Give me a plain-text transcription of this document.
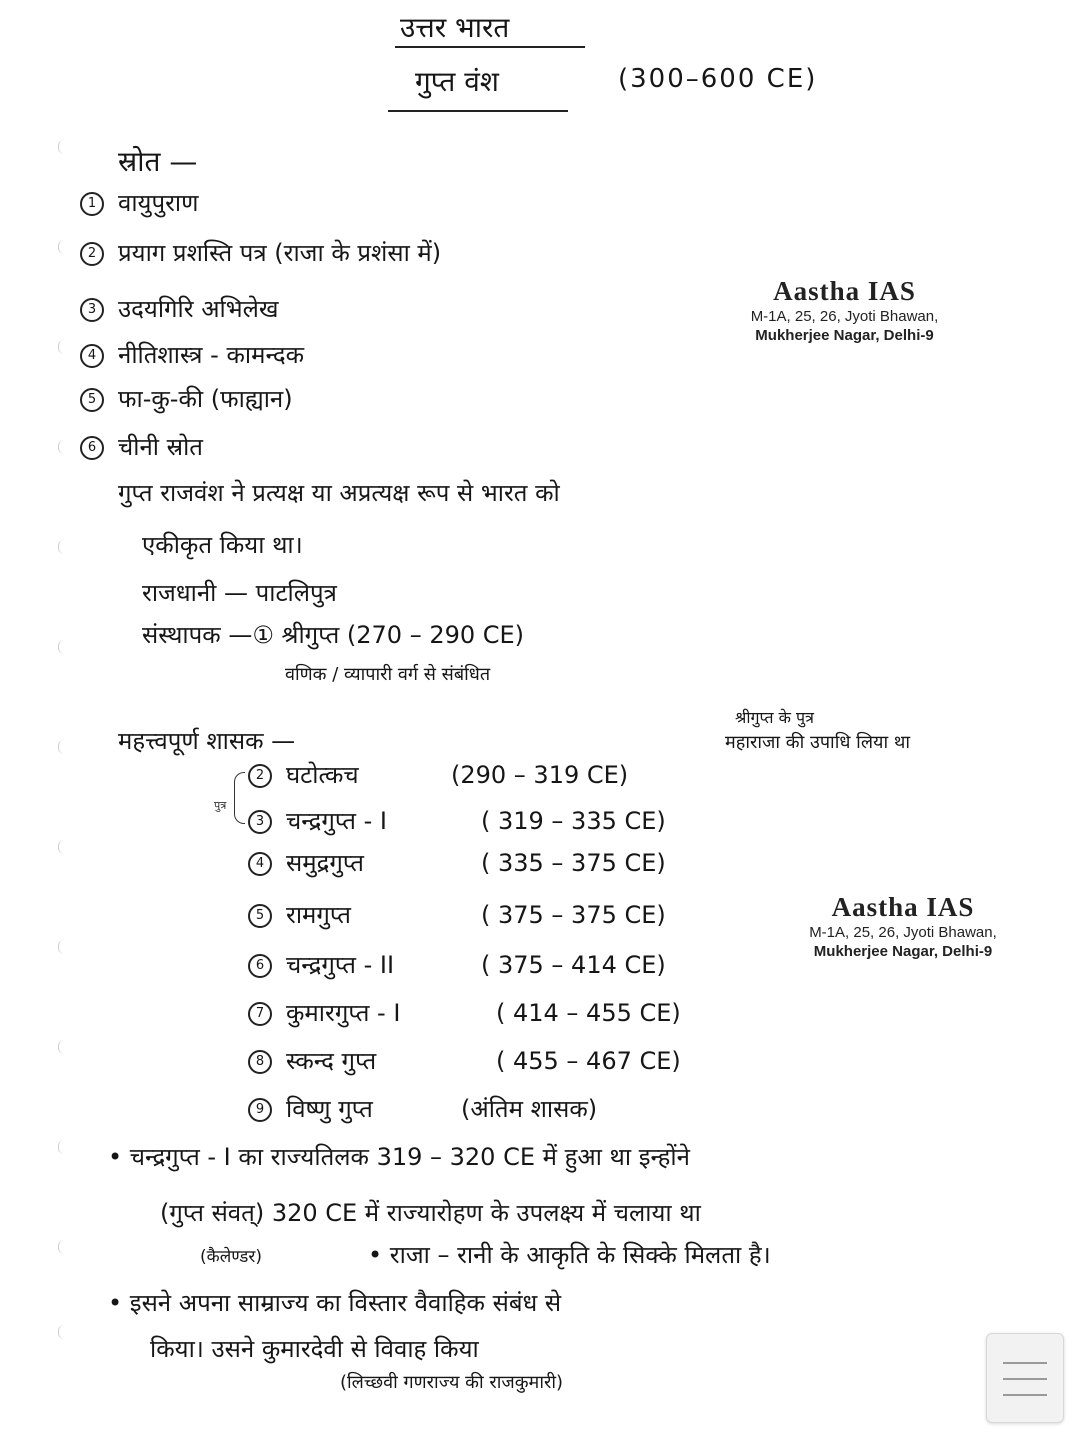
उत्तर भारत
गुप्त वंश	(300–600 CE)
स्रोत —
1 वायुपुराण
2 प्रयाग प्रशस्ति पत्र (राजा के प्रशंसा में)
3 उदयगिरि अभिलेख
4 नीतिशास्त्र - कामन्दक
5 फा-कु-की (फाह्यान)
6 चीनी स्रोत
Aastha IAS
M-1A, 25, 26, Jyoti Bhawan,
Mukherjee Nagar, Delhi-9
गुप्त राजवंश ने प्रत्यक्ष या अप्रत्यक्ष रूप से भारत को
एकीकृत किया था।
राजधानी — पाटलिपुत्र
संस्थापक —① श्रीगुप्त (270 – 290 CE)
वणिक / व्यापारी वर्ग से संबंधित
महत्त्वपूर्ण शासक —
श्रीगुप्त के पुत्र
महाराजा की उपाधि लिया था
पुत्र
2 घटोत्कच	(290 – 319 CE)
3 चन्द्रगुप्त - I	( 319 – 335 CE)
4 समुद्रगुप्त	( 335 – 375 CE)
5 रामगुप्त	( 375 – 375 CE)
6 चन्द्रगुप्त - II	( 375 – 414 CE)
7 कुमारगुप्त - I	( 414 – 455 CE)
8 स्कन्द गुप्त	( 455 – 467 CE)
9 विष्णु गुप्त	(अंतिम शासक)
Aastha IAS
M-1A, 25, 26, Jyoti Bhawan,
Mukherjee Nagar, Delhi-9
• चन्द्रगुप्त - I का राज्यतिलक 319 – 320 CE में हुआ था इन्होंने
(गुप्त संवत्) 320 CE में राज्यारोहण के उपलक्ष्य में चलाया था
(कैलेण्डर)	• राजा – रानी के आकृति के सिक्के मिलता है।
• इसने अपना साम्राज्य का विस्तार वैवाहिक संबंध से
किया। उसने कुमारदेवी से विवाह किया
(लिच्छवी गणराज्य की राजकुमारी)
